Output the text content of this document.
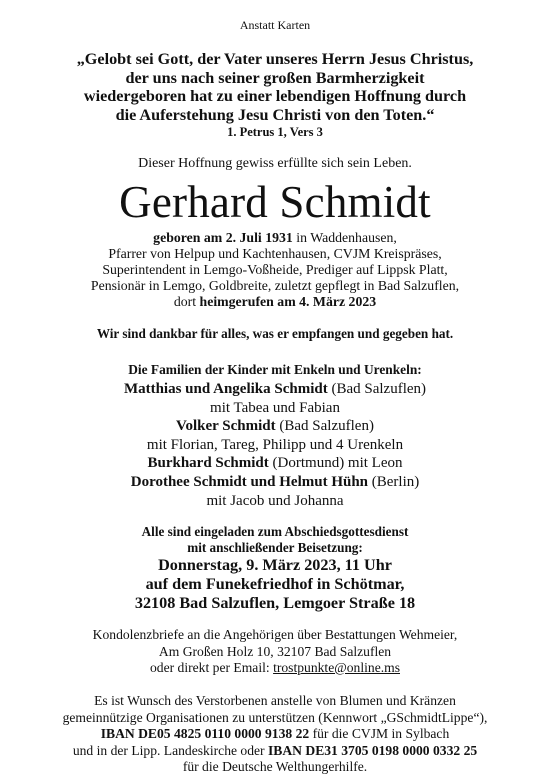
Anstatt Karten
„Gelobt sei Gott, der Vater unseres Herrn Jesus Christus,
der uns nach seiner großen Barmherzigkeit
wiedergeboren hat zu einer lebendigen Hoffnung durch
die Auferstehung Jesu Christi von den Toten.“
1. Petrus 1, Vers 3
Dieser Hoffnung gewiss erfüllte sich sein Leben.
Gerhard Schmidt
geboren am 2. Juli 1931 in Waddenhausen,
Pfarrer von Helpup und Kachtenhausen, CVJM Kreispräses,
Superintendent in Lemgo-Voßheide, Prediger auf Lippsk Platt,
Pensionär in Lemgo, Goldbreite, zuletzt gepflegt in Bad Salzuflen,
dort heimgerufen am 4. März 2023
Wir sind dankbar für alles, was er empfangen und gegeben hat.
Die Familien der Kinder mit Enkeln und Urenkeln:
Matthias und Angelika Schmidt (Bad Salzuflen)
mit Tabea und Fabian
Volker Schmidt (Bad Salzuflen)
mit Florian, Tareg, Philipp und 4 Urenkeln
Burkhard Schmidt (Dortmund) mit Leon
Dorothee Schmidt und Helmut Hühn (Berlin)
mit Jacob und Johanna
Alle sind eingeladen zum Abschiedsgottesdienst
mit anschließender Beisetzung:
Donnerstag, 9. März 2023, 11 Uhr
auf dem Funekefriedhof in Schötmar,
32108 Bad Salzuflen, Lemgoer Straße 18
Kondolenzbriefe an die Angehörigen über Bestattungen Wehmeier,
Am Großen Holz 10, 32107 Bad Salzuflen
oder direkt per Email: trostpunkte@online.ms
Es ist Wunsch des Verstorbenen anstelle von Blumen und Kränzen
gemeinnützige Organisationen zu unterstützen (Kennwort „GSchmidtLippe“),
IBAN DE05 4825 0110 0000 9138 22 für die CVJM in Sylbach
und in der Lipp. Landeskirche oder IBAN DE31 3705 0198 0000 0332 25
für die Deutsche Welthungerhilfe.
